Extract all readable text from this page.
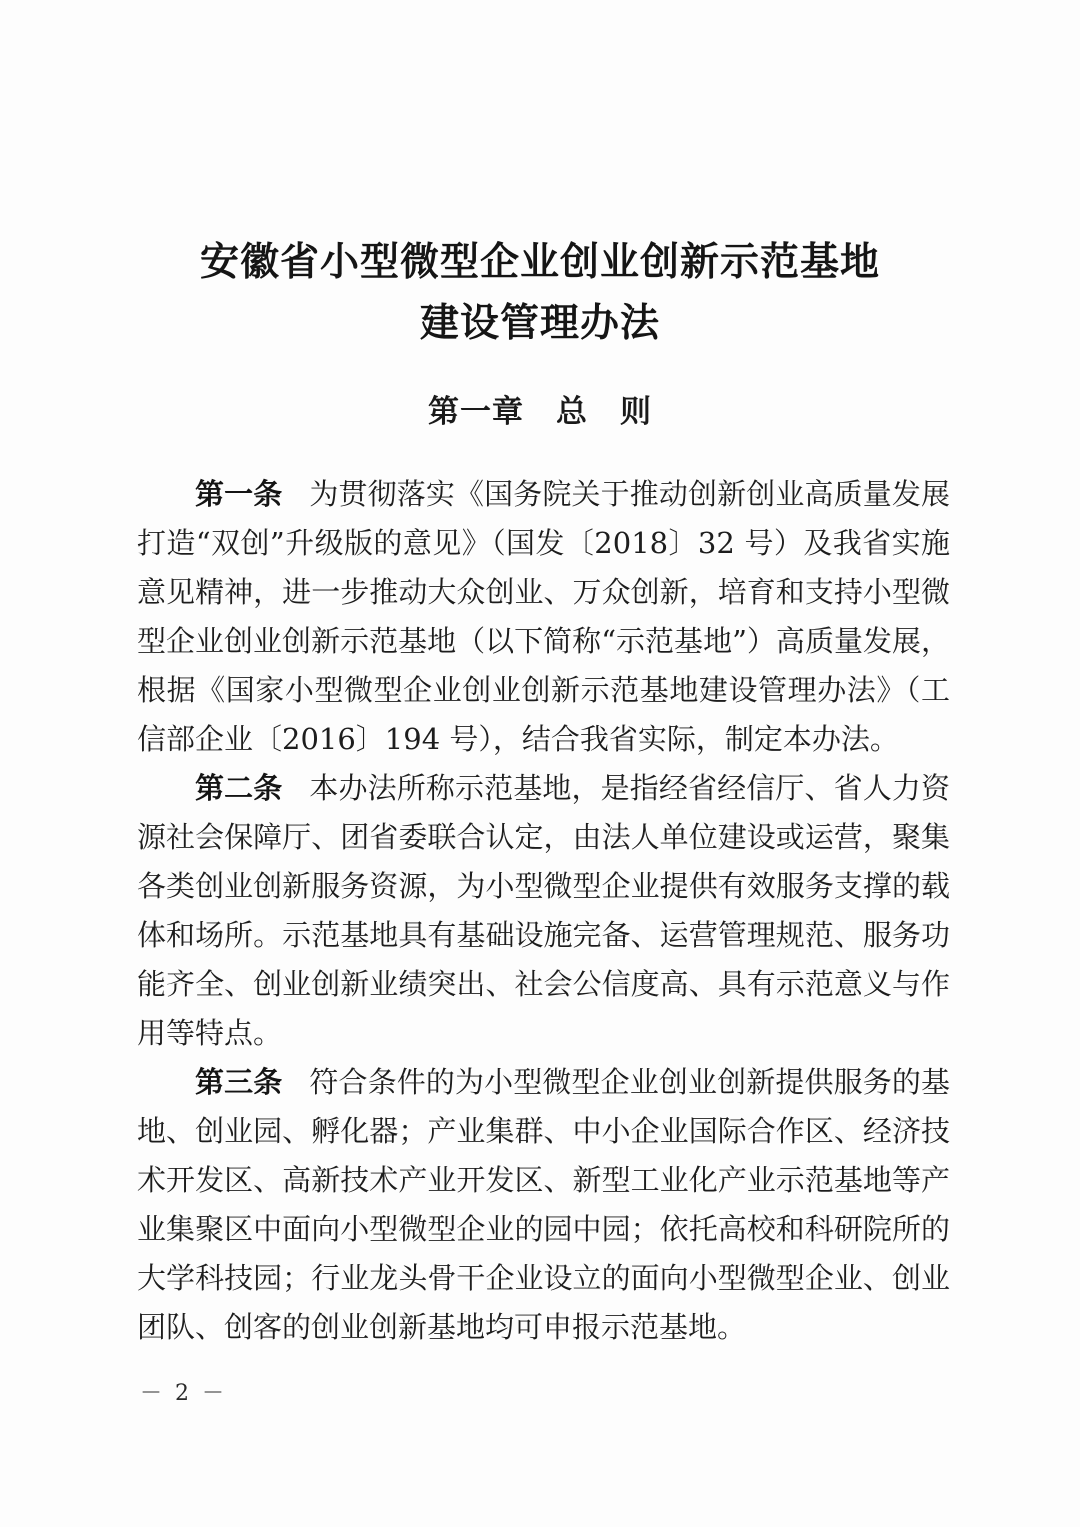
安徽省小型微型企业创业创新示范基地
建设管理办法
第一章　总　则

第一条 为贯彻落实《国务院关于推动创新创业高质量发展打造“双创”升级版的意见》（国发〔2018〕32 号）及我省实施意见精神，进一步推动大众创业、万众创新，培育和支持小型微型企业创业创新示范基地（以下简称“示范基地”）高质量发展，根据《国家小型微型企业创业创新示范基地建设管理办法》（工信部企业〔2016〕194 号），结合我省实际，制定本办法。

第二条 本办法所称示范基地，是指经省经信厅、省人力资源社会保障厅、团省委联合认定，由法人单位建设或运营，聚集各类创业创新服务资源，为小型微型企业提供有效服务支撑的载体和场所。示范基地具有基础设施完备、运营管理规范、服务功能齐全、创业创新业绩突出、社会公信度高、具有示范意义与作用等特点。

第三条 符合条件的为小型微型企业创业创新提供服务的基地、创业园、孵化器；产业集群、中小企业国际合作区、经济技术开发区、高新技术产业开发区、新型工业化产业示范基地等产业集聚区中面向小型微型企业的园中园；依托高校和科研院所的大学科技园；行业龙头骨干企业设立的面向小型微型企业、创业团队、创客的创业创新基地均可申报示范基地。

－ 2 －
